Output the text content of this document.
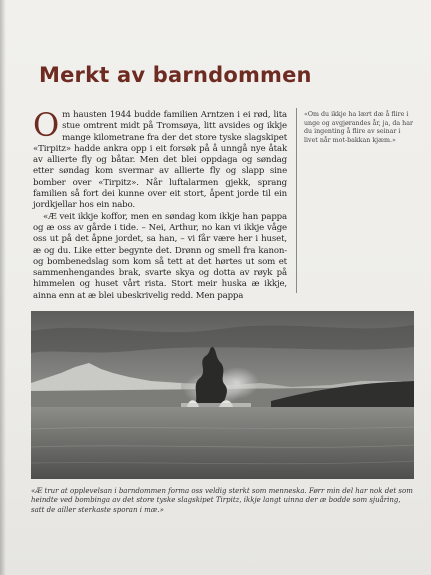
Merkt av barndommen

Om hausten 1944 budde familien Arntzen i ei rød, lita stue omtrent midt på Tromsøya, litt avsides og ikkje mange kilometrane fra der det store tyske slagskipet «Tirpitz» hadde ankra opp i eit forsøk på å unngå nye åtak av allierte fly og båtar. Men det blei oppdaga og søndag etter søndag kom svermar av allierte fly og slapp sine bomber over «Tirpitz». Når luftalarmen gjekk, sprang familien så fort dei kunne over eit stort, åpent jorde til ein jordkjellar hos ein nabo.

«Æ veit ikkje koffor, men en søndag kom ikkje han pappa og æ oss av gårde i tide. – Nei, Arthur, no kan vi ikkje våge oss ut på det åpne jordet, sa han, – vi får være her i huset, æ og du. Like etter begynte det. Drønn og smell fra kanon- og bombenedslag som kom så tett at det hørtes ut som et sammenhengandes brak, svarte skya og dotta av røyk på himmelen og huset vårt rista. Stort meir huska æ ikkje, ainna enn at æ blei ubeskrivelig redd. Men pappa

«Om du ikkje ha lært dæ å flire i unge og avgjørandes år, ja, da har du ingenting å flire av seinar i livet når mot-bakkan kjæm.»

«Æ trur at opplevelsan i barndommen forma oss veldig sterkt som menneska. Førr min del har nok det som heindte ved bombinga av det store tyske slagskipet Tirpitz, ikkje langt uinna der æ bodde som sjuåring, satt de ailler sterkaste sporan i mæ.»
